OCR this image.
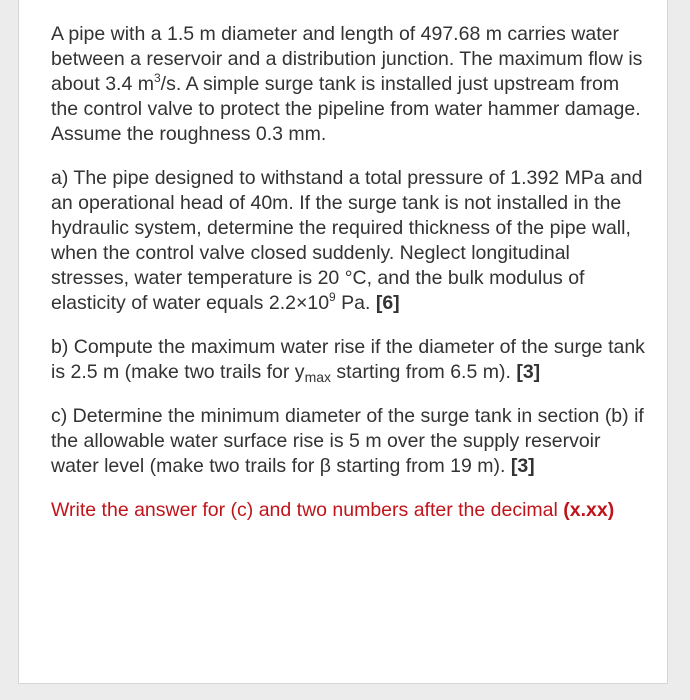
A pipe with a 1.5 m diameter and length of 497.68 m carries water between a reservoir and a distribution junction. The maximum flow is about 3.4 $m^3/s$. A simple surge tank is installed just upstream from the control valve to protect the pipeline from water hammer damage. Assume the roughness 0.3 mm.

a) The pipe designed to withstand a total pressure of 1.392 MPa and an operational head of 40m. If the surge tank is not installed in the hydraulic system, determine the required thickness of the pipe wall, when the control valve closed suddenly. Neglect longitudinal stresses, water temperature is 20 °C, and the bulk modulus of elasticity of water equals $2.2\times 10^9$ Pa. [6]

b) Compute the maximum water rise if the diameter of the surge tank is 2.5 m (make two trails for $y_{max}$ starting from 6.5 m). [3]

c) Determine the minimum diameter of the surge tank in section (b) if the allowable water surface rise is 5 m over the supply reservoir water level (make two trails for β starting from 19 m). [3]

Write the answer for (c) and two numbers after the decimal (x.xx)
